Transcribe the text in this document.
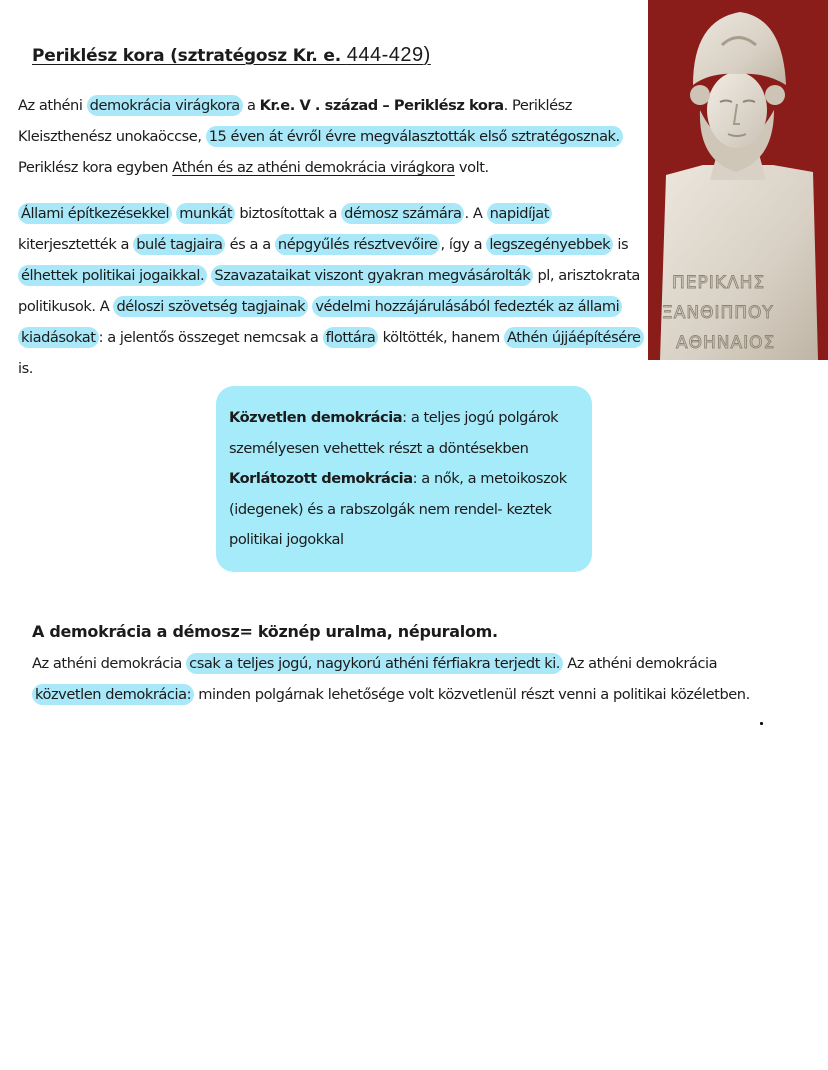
Periklész kora (sztratégosz Kr. e. 444-429)
Az athéni demokrácia virágkora a Kr.e. V . század – Periklész kora. Periklész
Kleiszthenész unokaöccse, 15 éven át évről évre megválasztották első sztratégosznak.
Periklész kora egyben Athén és az athéni demokrácia virágkora volt.
Állami építkezésekkel munkát biztosítottak a démosz számára . A napidíjat
kiterjesztették a bulé tagjaira és a a népgyűlés résztvevőire , így a legszegényebbek is
élhettek politikai jogaikkal. Szavazataikat viszont gyakran megvásárolták pl, arisztokrata
politikusok. A déloszi szövetség tagjainak védelmi hozzájárulásából fedezték az állami
kiadásokat : a jelentős összeget nemcsak a flottára költötték, hanem Athén újjáépítésére
is.
ΠΕΡΙΚΛΗΣ
ΞΑΝΘΙΠΠΟΥ
ΑΘΗΝΑΙΟΣ
Közvetlen demokrácia: a teljes jogú polgárok
személyesen vehettek részt a döntésekben
Korlátozott demokrácia: a nők, a metoikoszok
(idegenek) és a rabszolgák nem rendel- keztek
politikai jogokkal
A demokrácia a démosz= köznép uralma, népuralom.
Az athéni demokrácia csak a teljes jogú, nagykorú athéni férfiakra terjedt ki. Az athéni demokrácia
közvetlen demokrácia: minden polgárnak lehetősége volt közvetlenül részt venni a politikai közéletben.
